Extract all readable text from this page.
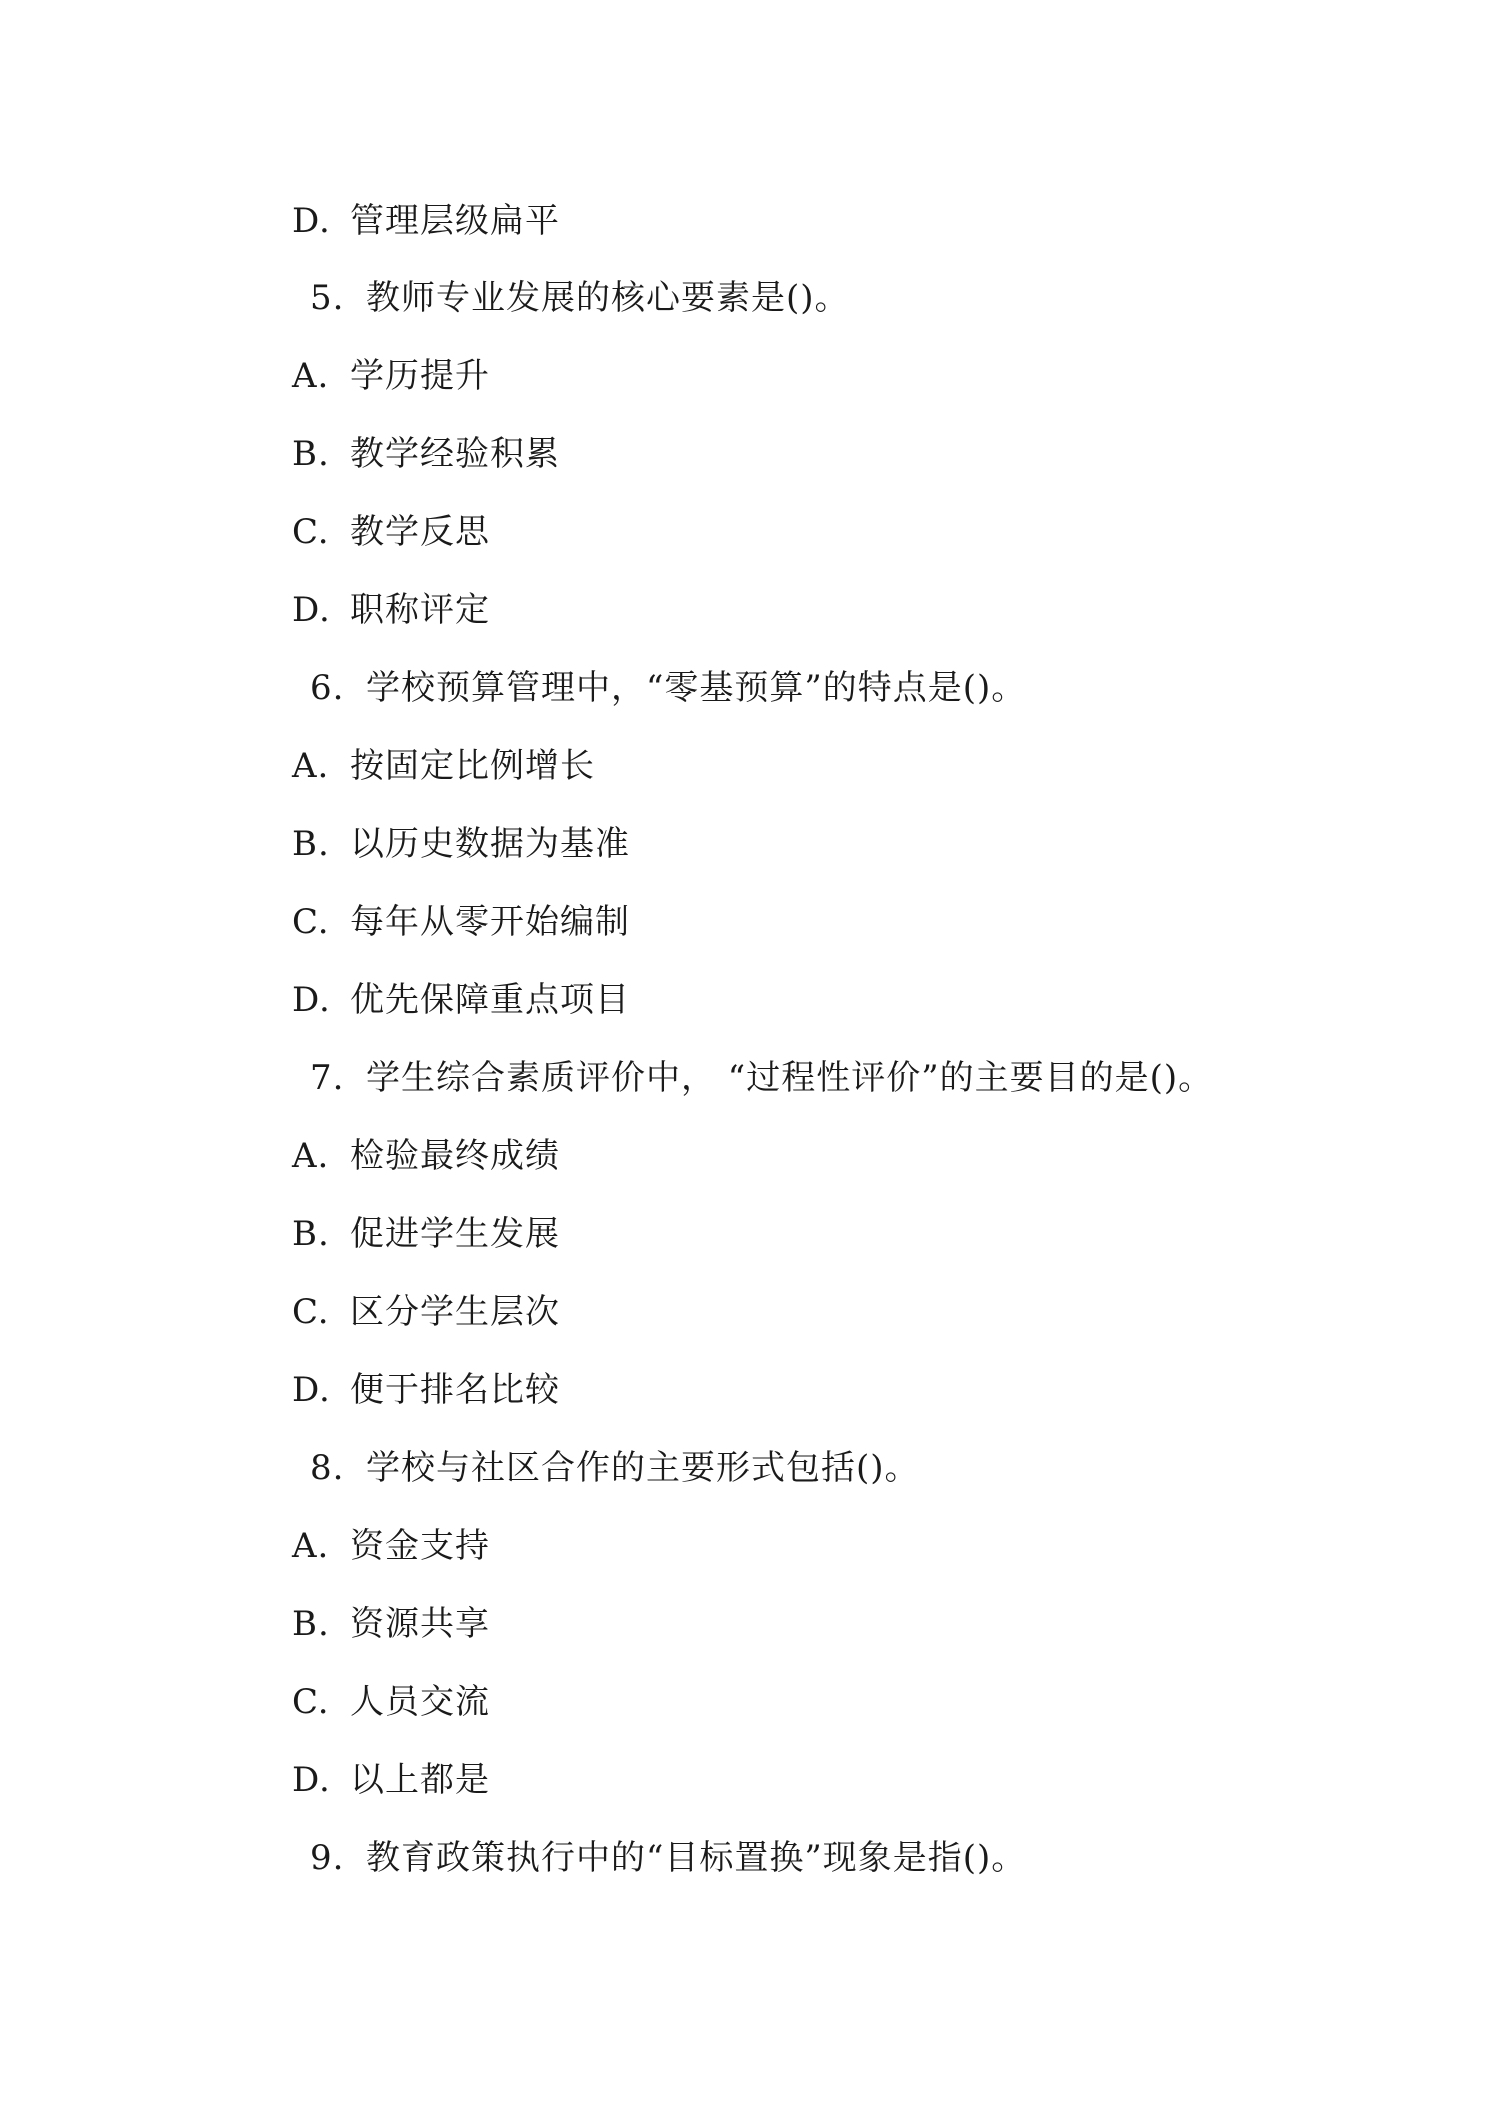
D. 管理层级扁平
5. 教师专业发展的核心要素是()。
A. 学历提升
B. 教学经验积累
C. 教学反思
D. 职称评定
6. 学校预算管理中，“零基预算”的特点是()。
A. 按固定比例增长
B. 以历史数据为基准
C. 每年从零开始编制
D. 优先保障重点项目
7. 学生综合素质评价中， “过程性评价”的主要目的是()。
A. 检验最终成绩
B. 促进学生发展
C. 区分学生层次
D. 便于排名比较
8. 学校与社区合作的主要形式包括()。
A. 资金支持
B. 资源共享
C. 人员交流
D. 以上都是
9. 教育政策执行中的“目标置换”现象是指()。
